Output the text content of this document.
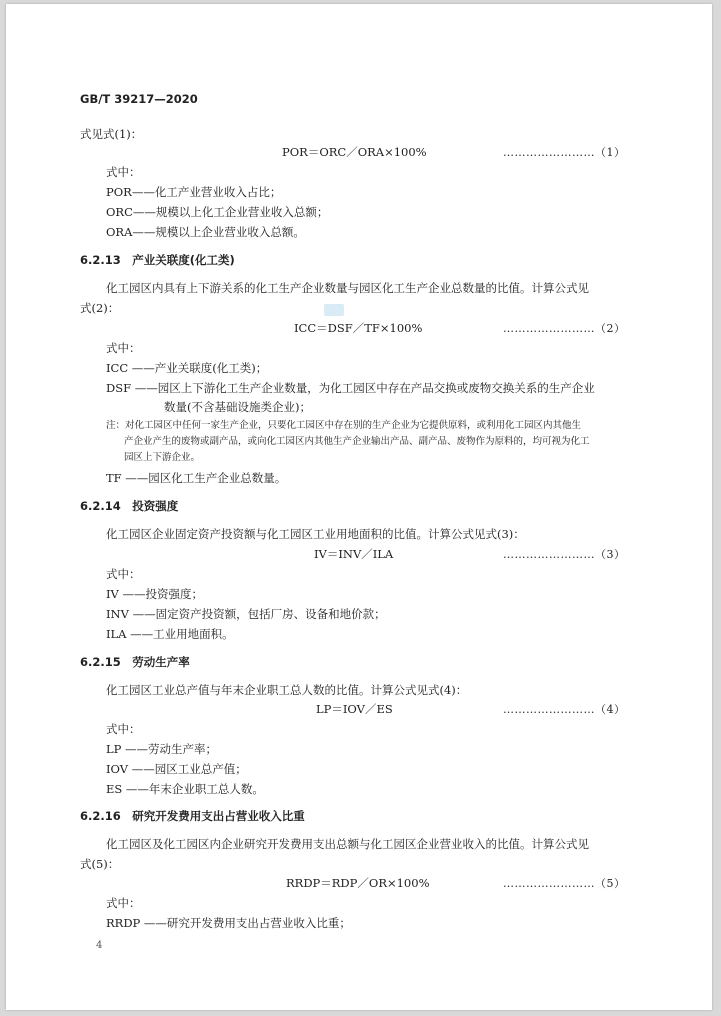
GB/T 39217—2020
式见式(1)：
POR＝ORC／ORA×100%	……………………（1）
式中：
POR——化工产业营业收入占比；
ORC——规模以上化工企业营业收入总额；
ORA——规模以上企业营业收入总额。
6.2.13　产业关联度(化工类)
化工园区内具有上下游关系的化工生产企业数量与园区化工生产企业总数量的比值。计算公式见
式(2)：
ICC＝DSF／TF×100%	……………………（2）
式中：
ICC ——产业关联度(化工类)；
DSF ——园区上下游化工生产企业数量，为化工园区中存在产品交换或废物交换关系的生产企业
数量(不含基础设施类企业)；
注：对化工园区中任何一家生产企业，只要化工园区中存在别的生产企业为它提供原料，或利用化工园区内其他生
产企业产生的废物或副产品，或向化工园区内其他生产企业输出产品、副产品、废物作为原料的，均可视为化工
园区上下游企业。
TF ——园区化工生产企业总数量。
6.2.14　投资强度
化工园区企业固定资产投资额与化工园区工业用地面积的比值。计算公式见式(3)：
IV＝INV／ILA	……………………（3）
式中：
IV ——投资强度；
INV ——固定资产投资额，包括厂房、设备和地价款；
ILA ——工业用地面积。
6.2.15　劳动生产率
化工园区工业总产值与年末企业职工总人数的比值。计算公式见式(4)：
LP＝IOV／ES	……………………（4）
式中：
LP ——劳动生产率；
IOV ——园区工业总产值；
ES ——年末企业职工总人数。
6.2.16　研究开发费用支出占营业收入比重
化工园区及化工园区内企业研究开发费用支出总额与化工园区企业营业收入的比值。计算公式见
式(5)：
RRDP＝RDP／OR×100%	……………………（5）
式中：
RRDP ——研究开发费用支出占营业收入比重；
4
